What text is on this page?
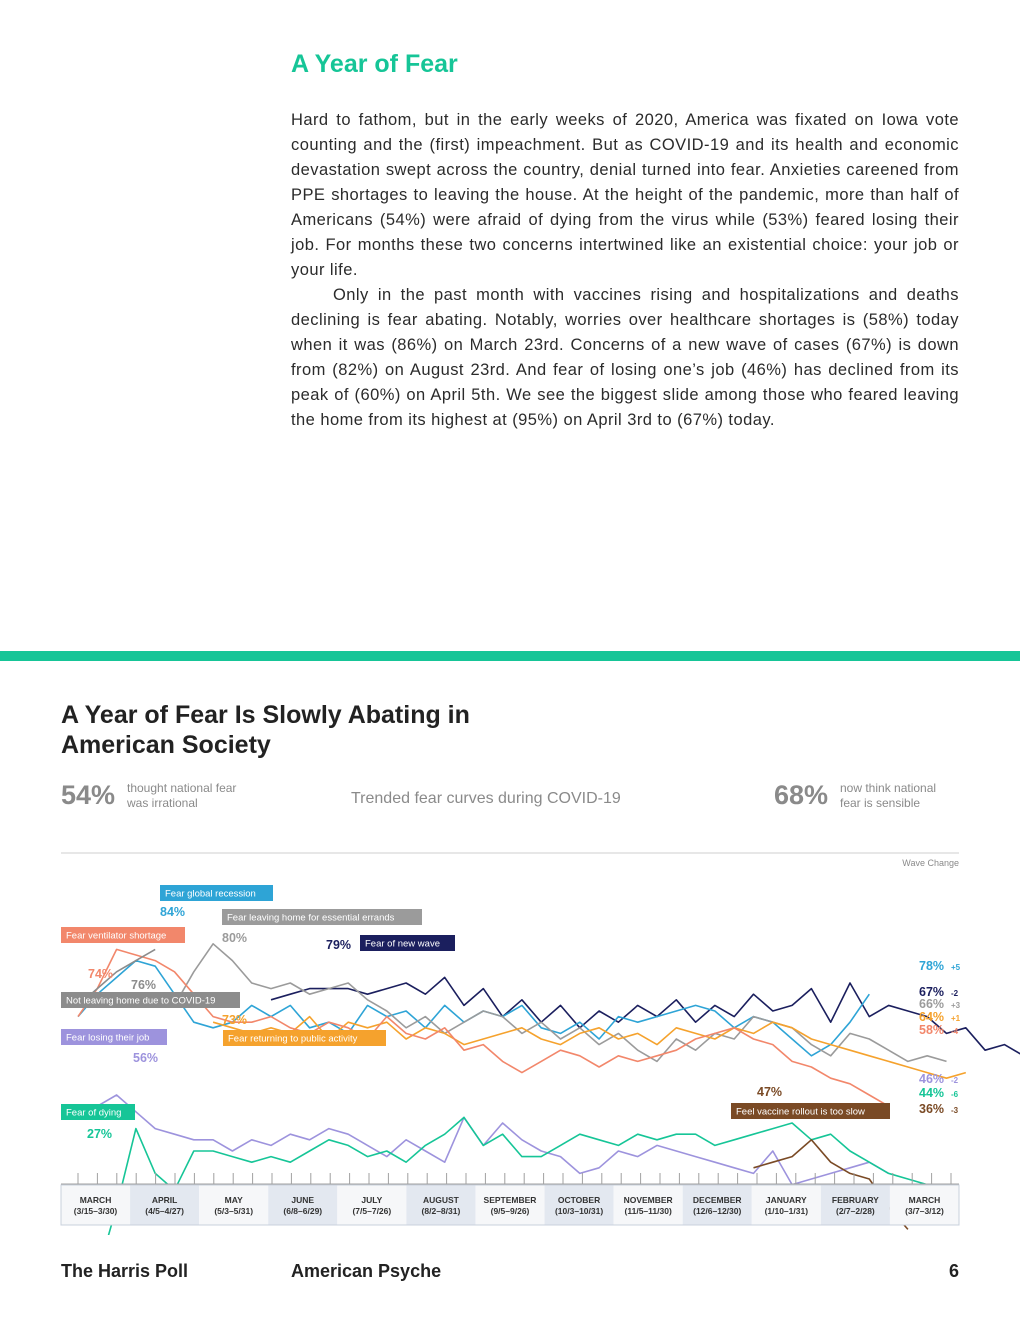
A Year of Fear

Hard to fathom, but in the early weeks of 2020, America was fixated on Iowa vote counting and the (first) impeachment. But as COVID-19 and its health and economic devastation swept across the country, denial turned into fear. Anxieties careened from PPE shortages to leaving the house. At the height of the pandemic, more than half of Americans (54%) were afraid of dying from the virus while (53%) feared losing their job. For months these two concerns intertwined like an existential choice: your job or your life.

Only in the past month with vaccines rising and hospitalizations and deaths declining is fear abating. Notably, worries over healthcare shortages is (58%) today when it was (86%) on March 23rd. Concerns of a new wave of cases (67%) is down from (82%) on August 23rd. And fear of losing one’s job (46%) has declined from its peak of (60%) on April 5th. We see the biggest slide among those who feared leaving the home from its highest at (95%) on April 3rd to (67%) today.

A Year of Fear Is Slowly Abating in American Society
54% thought national fear was irrational	Trended fear curves during COVID-19	68% now think national fear is sensible
Wave Change
Fear global recession
Fear leaving home for essential errands
Fear of new wave
Fear ventilator shortage
Not leaving home due to COVID-19
Fear losing their job	Fear returning to public activity
Fear of dying	Feel vaccine rollout is too slow
84%
80%	79%
74%
76%
73%
56%
27%
47%
78% +5
58% -4
67% -2
66% +3
64% +1
46% -2
44% -6
36% -3
MARCH
(3/15–3/30)
APRIL
(4/5–4/27)
MAY
(5/3–5/31)
JUNE
(6/8–6/29)
JULY
(7/5–7/26)
AUGUST
(8/2–8/31)
SEPTEMBER
(9/5–9/26)
OCTOBER
(10/3–10/31)
NOVEMBER
(11/5–11/30)
DECEMBER
(12/6–12/30)
JANUARY
(1/10–1/31)
FEBRUARY
(2/7–2/28)
MARCH
(3/7–3/12)
The Harris Poll	American Psyche	6
